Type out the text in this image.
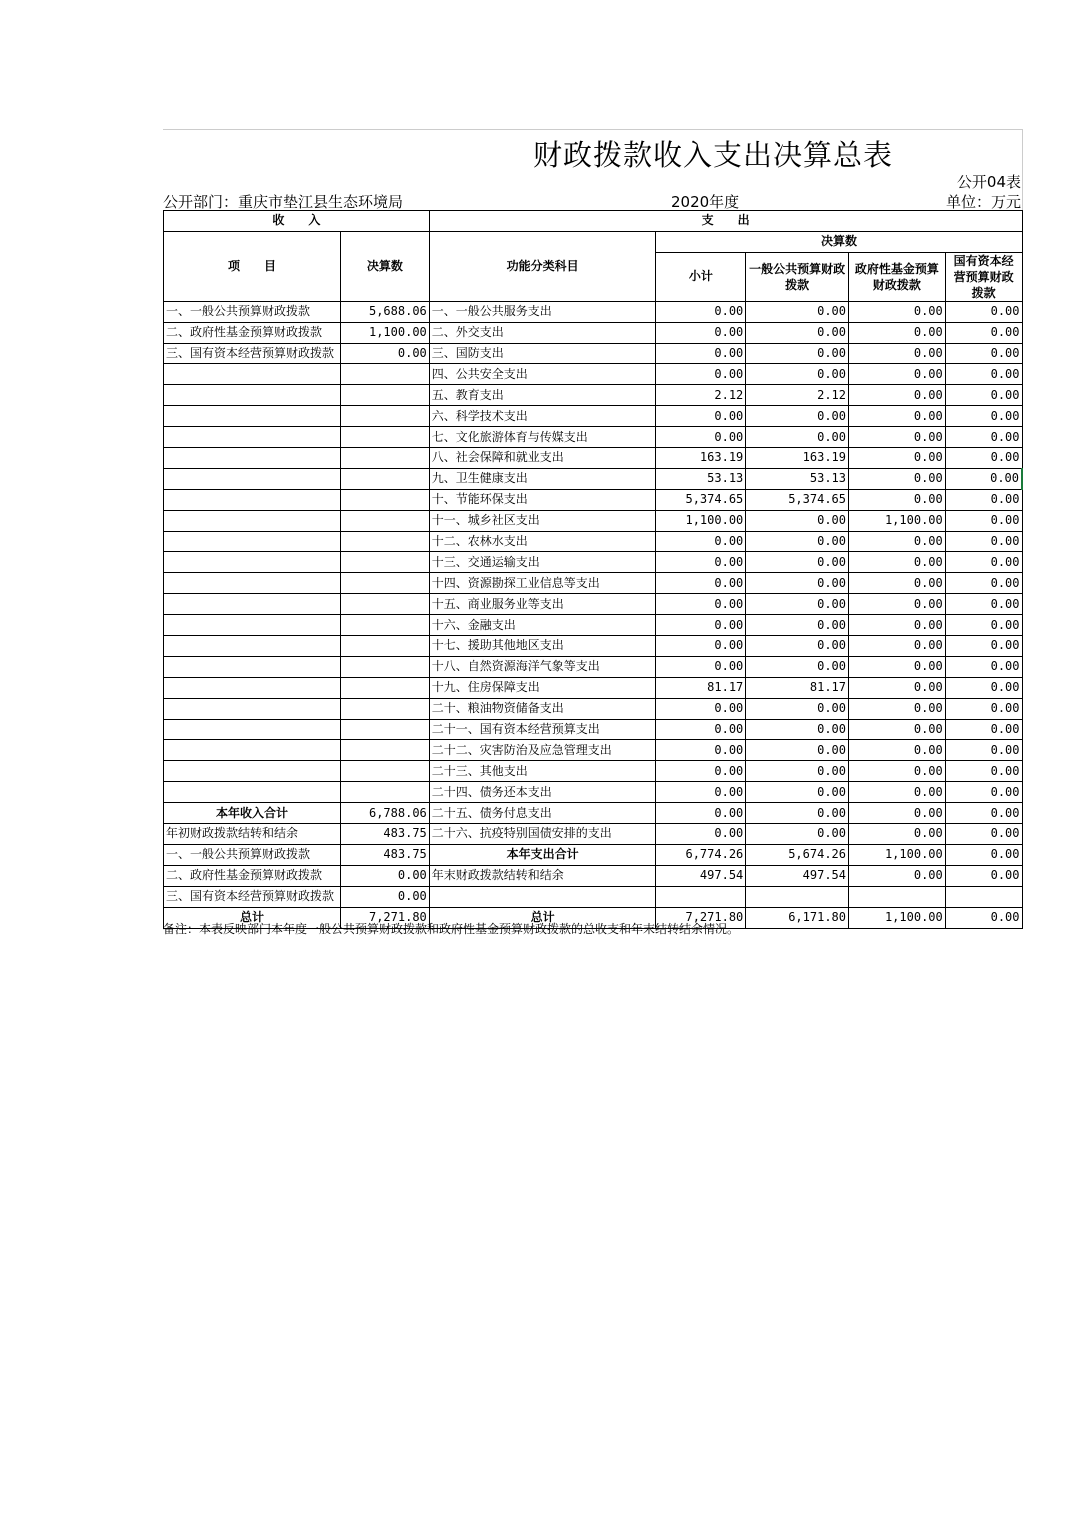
财政拨款收入支出决算总表
公开04表
公开部门：重庆市垫江县生态环境局	2020年度	单位：万元
收　　入		支　　出				
项　　目	决算数	功能分类科目	决算数			
			小计	一般公共预算财政拨款	政府性基金预算财政拨款	国有资本经营预算财政拨款

一、一般公共预算财政拨款	5,688.06	一、一般公共服务支出	0.00	0.00	0.00	0.00
二、政府性基金预算财政拨款	1,100.00	二、外交支出	0.00	0.00	0.00	0.00
三、国有资本经营预算财政拨款	0.00	三、国防支出	0.00	0.00	0.00	0.00
		四、公共安全支出	0.00	0.00	0.00	0.00
		五、教育支出	2.12	2.12	0.00	0.00
		六、科学技术支出	0.00	0.00	0.00	0.00
		七、文化旅游体育与传媒支出	0.00	0.00	0.00	0.00
		八、社会保障和就业支出	163.19	163.19	0.00	0.00
		九、卫生健康支出	53.13	53.13	0.00	0.00
		十、节能环保支出	5,374.65	5,374.65	0.00	0.00
		十一、城乡社区支出	1,100.00	0.00	1,100.00	0.00
		十二、农林水支出	0.00	0.00	0.00	0.00
		十三、交通运输支出	0.00	0.00	0.00	0.00
		十四、资源勘探工业信息等支出	0.00	0.00	0.00	0.00
		十五、商业服务业等支出	0.00	0.00	0.00	0.00
		十六、金融支出	0.00	0.00	0.00	0.00
		十七、援助其他地区支出	0.00	0.00	0.00	0.00
		十八、自然资源海洋气象等支出	0.00	0.00	0.00	0.00
		十九、住房保障支出	81.17	81.17	0.00	0.00
		二十、粮油物资储备支出	0.00	0.00	0.00	0.00
		二十一、国有资本经营预算支出	0.00	0.00	0.00	0.00
		二十二、灾害防治及应急管理支出	0.00	0.00	0.00	0.00
		二十三、其他支出	0.00	0.00	0.00	0.00
		二十四、债务还本支出	0.00	0.00	0.00	0.00
本年收入合计	6,788.06	二十五、债务付息支出	0.00	0.00	0.00	0.00
年初财政拨款结转和结余	483.75	二十六、抗疫特别国债安排的支出	0.00	0.00	0.00	0.00
一、一般公共预算财政拨款	483.75	本年支出合计	6,774.26	5,674.26	1,100.00	0.00
二、政府性基金预算财政拨款	0.00	年末财政拨款结转和结余	497.54	497.54	0.00	0.00
三、国有资本经营预算财政拨款	0.00					
总计	7,271.80	总计	7,271.80	6,171.80	1,100.00	0.00
备注：本表反映部门本年度一般公共预算财政拨款和政府性基金预算财政拨款的总收支和年末结转结余情况。
